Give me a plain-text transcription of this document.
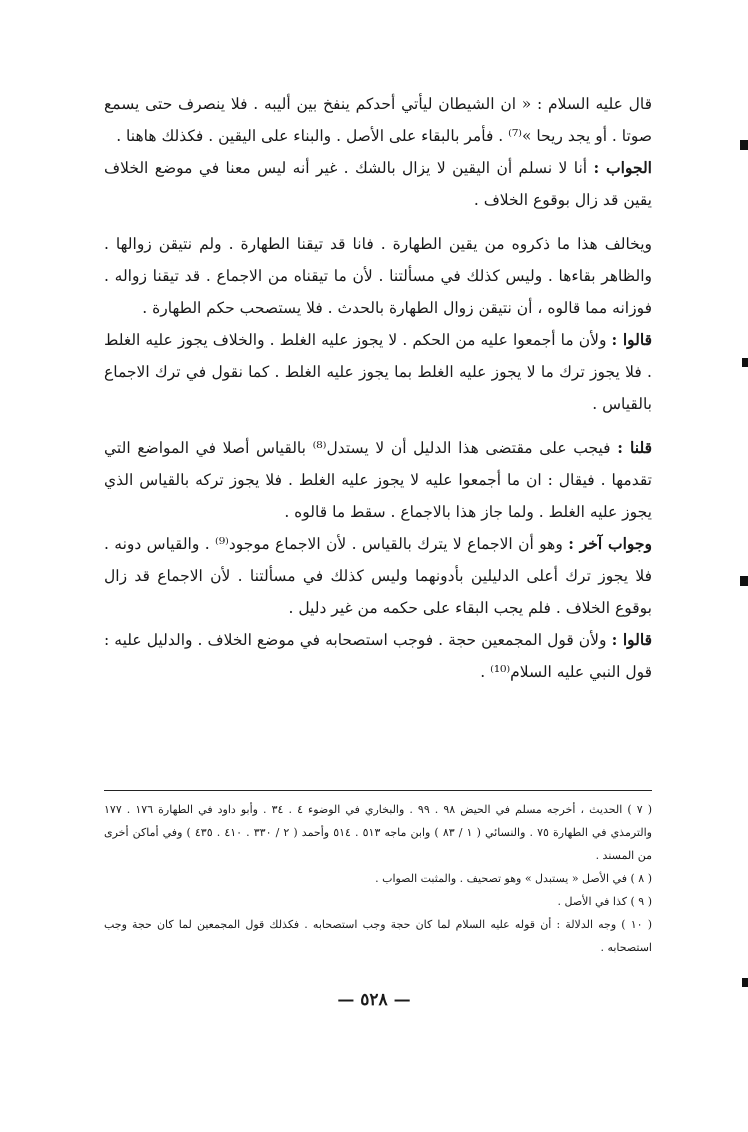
قال عليه السلام : « ان الشيطان ليأتي أحدكم ينفخ بين أليبه . فلا ينصرف حتى يسمع صوتا . أو يجد ريحا »⁽⁷⁾ . فأمر بالبقاء على الأصل . والبناء على اليقين . فكذلك هاهنا .

الجواب : أنا لا نسلم أن اليقين لا يزال بالشك . غير أنه ليس معنا في موضع الخلاف يقين قد زال بوقوع الخلاف .

ويخالف هذا ما ذكروه من يقين الطهارة . فانا قد تيقنا الطهارة . ولم نتيقن زوالها . والظاهر بقاءها . وليس كذلك في مسألتنا . لأن ما تيقناه من الاجماع . قد تيقنا زواله . فوزانه مما قالوه ، أن نتيقن زوال الطهارة بالحدث . فلا يستصحب حكم الطهارة .

قالوا : ولأن ما أجمعوا عليه من الحكم . لا يجوز عليه الغلط . والخلاف يجوز عليه الغلط . فلا يجوز ترك ما لا يجوز عليه الغلط بما يجوز عليه الغلط . كما نقول في ترك الاجماع بالقياس .

قلنا : فيجب على مقتضى هذا الدليل أن لا يستدل⁽⁸⁾ بالقياس أصلا في المواضع التي تقدمها . فيقال : ان ما أجمعوا عليه لا يجوز عليه الغلط . فلا يجوز تركه بالقياس الذي يجوز عليه الغلط . ولما جاز هذا بالاجماع . سقط ما قالوه .

وجواب آخر : وهو أن الاجماع لا يترك بالقياس . لأن الاجماع موجود⁽⁹⁾ . والقياس دونه . فلا يجوز ترك أعلى الدليلين بأدونهما وليس كذلك في مسألتنا . لأن الاجماع قد زال بوقوع الخلاف . فلم يجب البقاء على حكمه من غير دليل .

قالوا : ولأن قول المجمعين حجة . فوجب استصحابه في موضع الخلاف . والدليل عليه : قول النبي عليه السلام⁽¹⁰⁾ .

( ٧ ) الحديث ، أخرجه مسلم في الحيض ٩٨ . ٩٩ . والبخاري في الوضوء ٤ . ٣٤ . وأبو داود في الطهارة ١٧٦ . ١٧٧ والترمذي في الطهارة ٧٥ . والنسائي ( ١ / ٨٣ ) وابن ماجه ٥١٣ . ٥١٤ وأحمد ( ٢ / ٣٣٠ . ٤١٠ . ٤٣٥ ) وفي أماكن أخرى من المسند .

( ٨ ) في الأصل « يستبدل » وهو تصحيف . والمثبت الصواب .

( ٩ ) كذا في الأصل .

( ١٠ ) وجه الدلالة : أن قوله عليه السلام لما كان حجة وجب استصحابه . فكذلك قول المجمعين لما كان حجة وجب استصحابه .

— ٥٢٨ —
